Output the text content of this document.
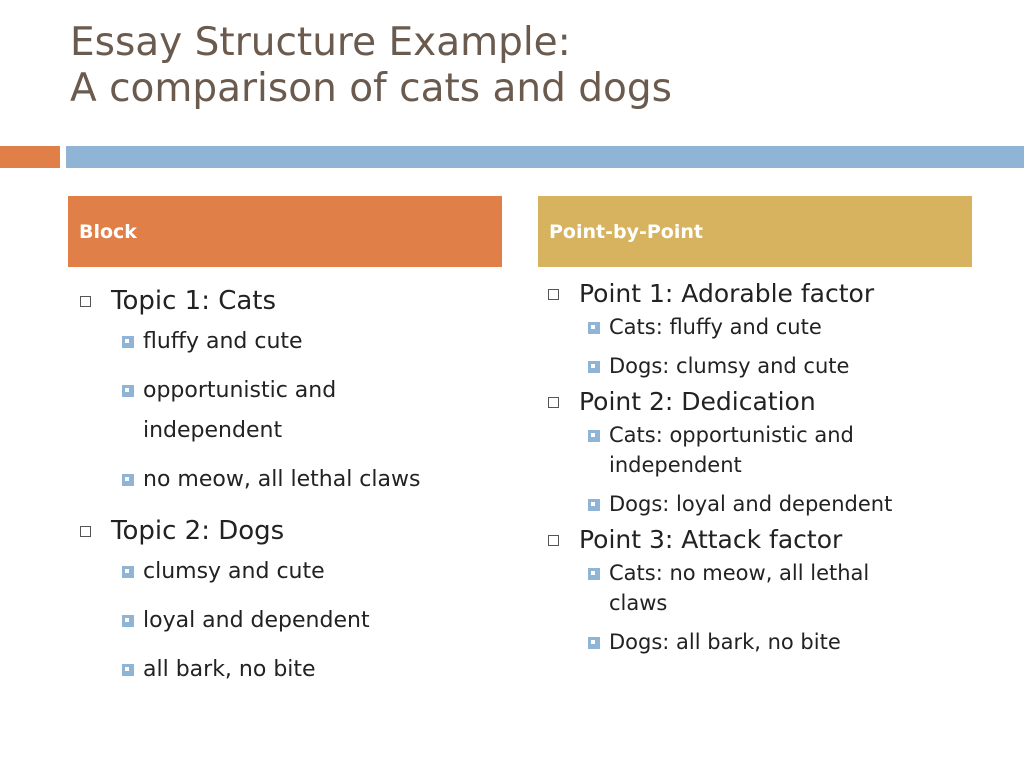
Essay Structure Example:
A comparison of cats and dogs
Block	Point-by-Point
Topic 1: Cats
fluffy and cute
opportunistic and independent
no meow, all lethal claws
Topic 2: Dogs
clumsy and cute
loyal and dependent
all bark, no bite
Point 1: Adorable factor
Cats: fluffy and cute
Dogs: clumsy and cute
Point 2: Dedication
Cats: opportunistic and independent
Dogs: loyal and dependent
Point 3: Attack factor
Cats: no meow, all lethal claws
Dogs: all bark, no bite
